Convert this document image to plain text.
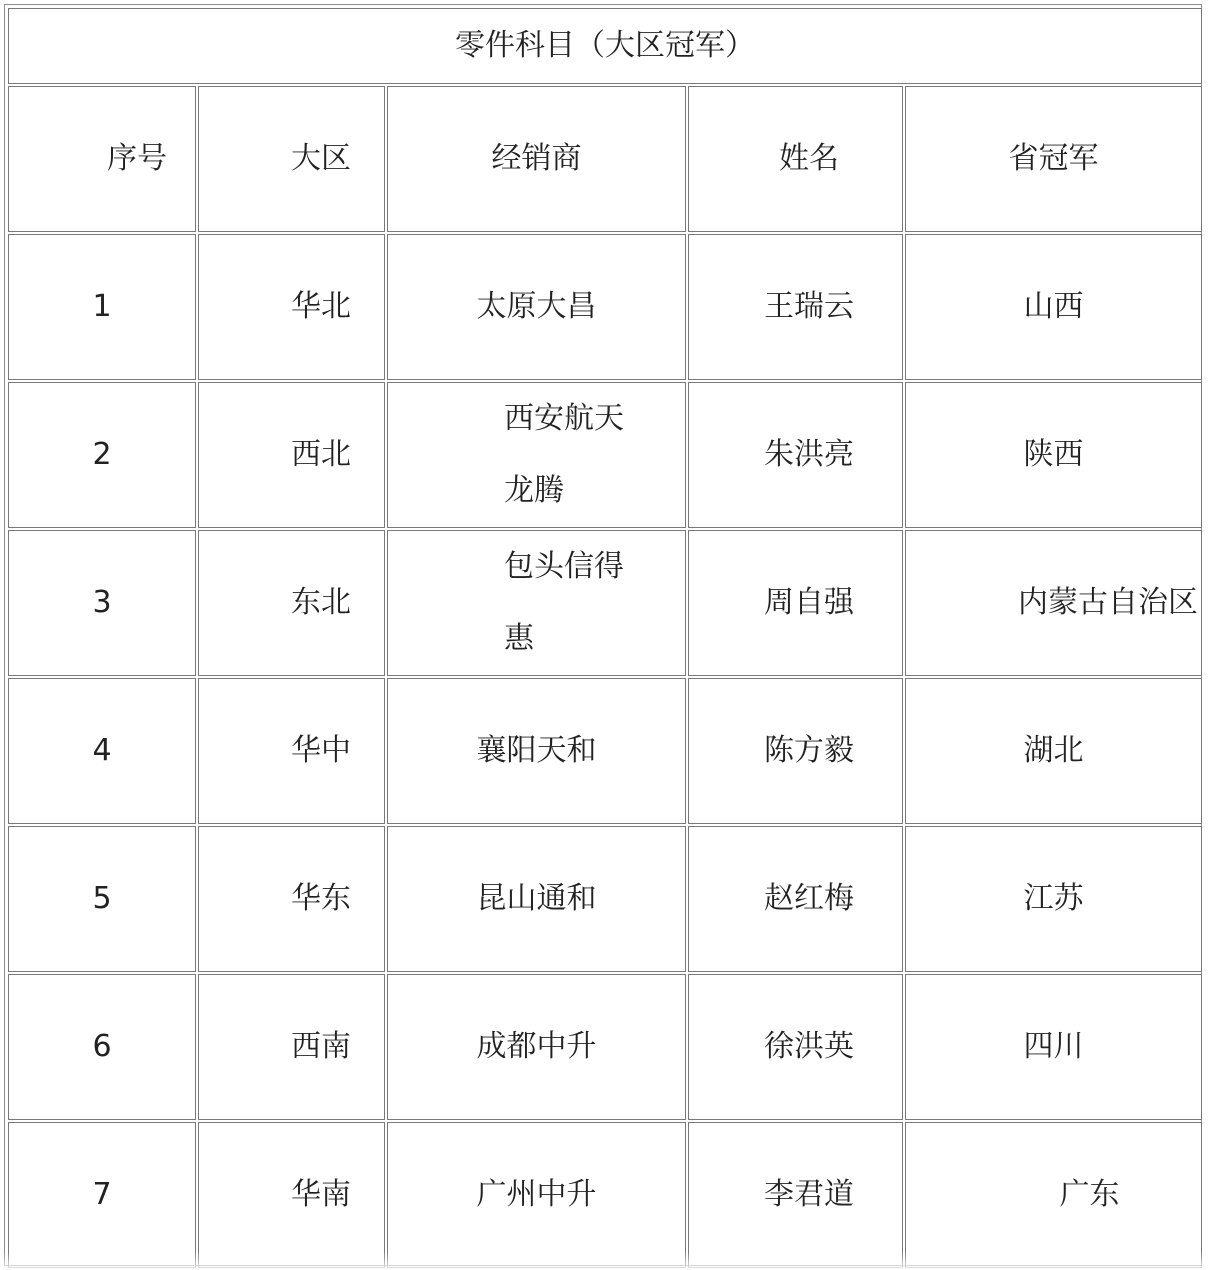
零件科目（大区冠军）				

序号	大区	经销商	姓名	省冠军
1	华北	太原大昌	王瑞云	山西
2	西北	西安航天龙腾	朱洪亮	陕西
3	东北	包头信得惠	周自强	内蒙古自治区

4	华中	襄阳天和	陈方毅	湖北
5	华东	昆山通和	赵红梅	江苏
6	西南	成都中升	徐洪英	四川
7	华南	广州中升	李君道	广东
